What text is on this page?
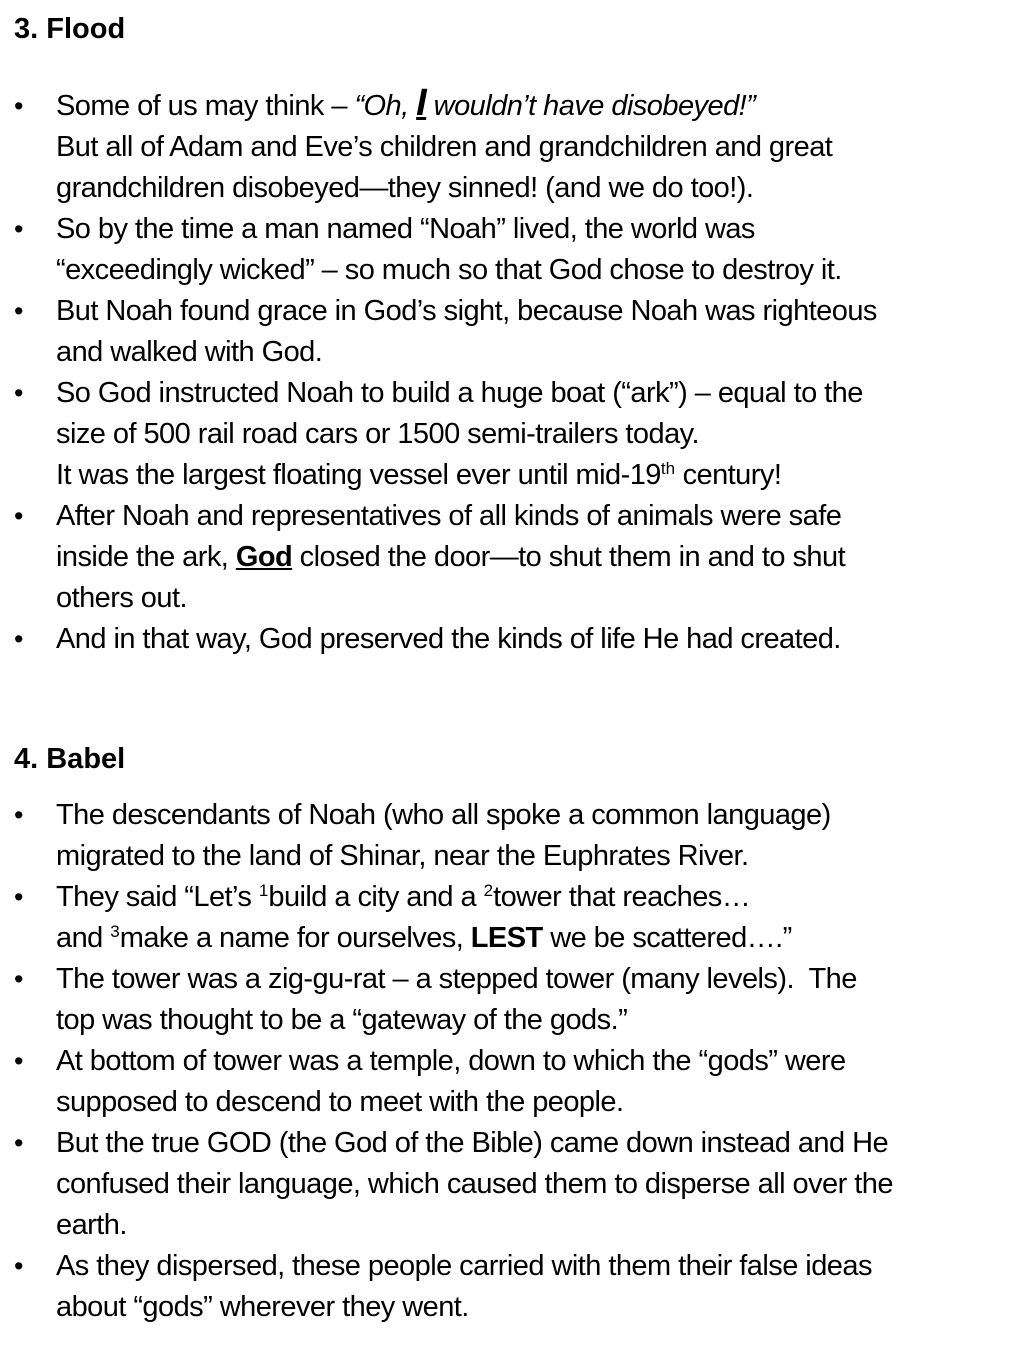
3. Flood
• Some of us may think – “Oh, I wouldn’t have disobeyed!”
But all of Adam and Eve’s children and grandchildren and great
grandchildren disobeyed—they sinned! (and we do too!).
• So by the time a man named “Noah” lived, the world was
“exceedingly wicked” – so much so that God chose to destroy it.
• But Noah found grace in God’s sight, because Noah was righteous
and walked with God.
• So God instructed Noah to build a huge boat (“ark”) – equal to the
size of 500 rail road cars or 1500 semi-trailers today.
It was the largest floating vessel ever until mid-19th century!
• After Noah and representatives of all kinds of animals were safe
inside the ark, God closed the door—to shut them in and to shut
others out.
• And in that way, God preserved the kinds of life He had created.
4. Babel
• The descendants of Noah (who all spoke a common language)
migrated to the land of Shinar, near the Euphrates River.
• They said “Let’s $^1$build a city and a $^2$tower that reaches…
and $^3$make a name for ourselves, LEST we be scattered….”
• The tower was a zig-gu-rat – a stepped tower (many levels).  The
top was thought to be a “gateway of the gods.”
• At bottom of tower was a temple, down to which the “gods” were
supposed to descend to meet with the people.
• But the true GOD (the God of the Bible) came down instead and He
confused their language, which caused them to disperse all over the
earth.
• As they dispersed, these people carried with them their false ideas
about “gods” wherever they went.
